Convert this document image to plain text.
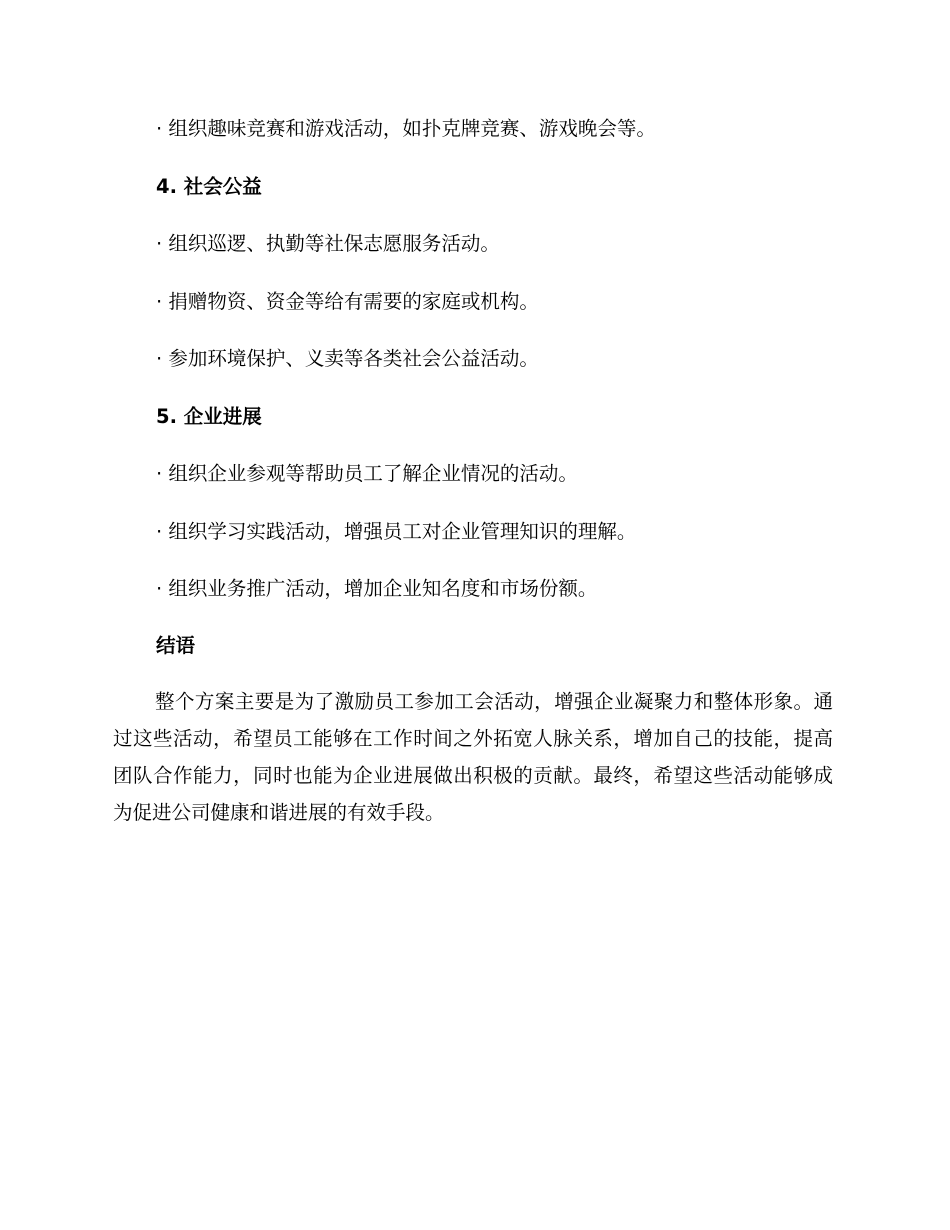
· 组织趣味竞赛和游戏活动，如扑克牌竞赛、游戏晚会等。
4. 社会公益
· 组织巡逻、执勤等社保志愿服务活动。
· 捐赠物资、资金等给有需要的家庭或机构。
· 参加环境保护、义卖等各类社会公益活动。
5. 企业进展
· 组织企业参观等帮助员工了解企业情况的活动。
· 组织学习实践活动，增强员工对企业管理知识的理解。
· 组织业务推广活动，增加企业知名度和市场份额。
结语
整个方案主要是为了激励员工参加工会活动，增强企业凝聚力和整体形象。通过这些活动，希望员工能够在工作时间之外拓宽人脉关系，增加自己的技能，提高团队合作能力，同时也能为企业进展做出积极的贡献。最终，希望这些活动能够成为促进公司健康和谐进展的有效手段。
